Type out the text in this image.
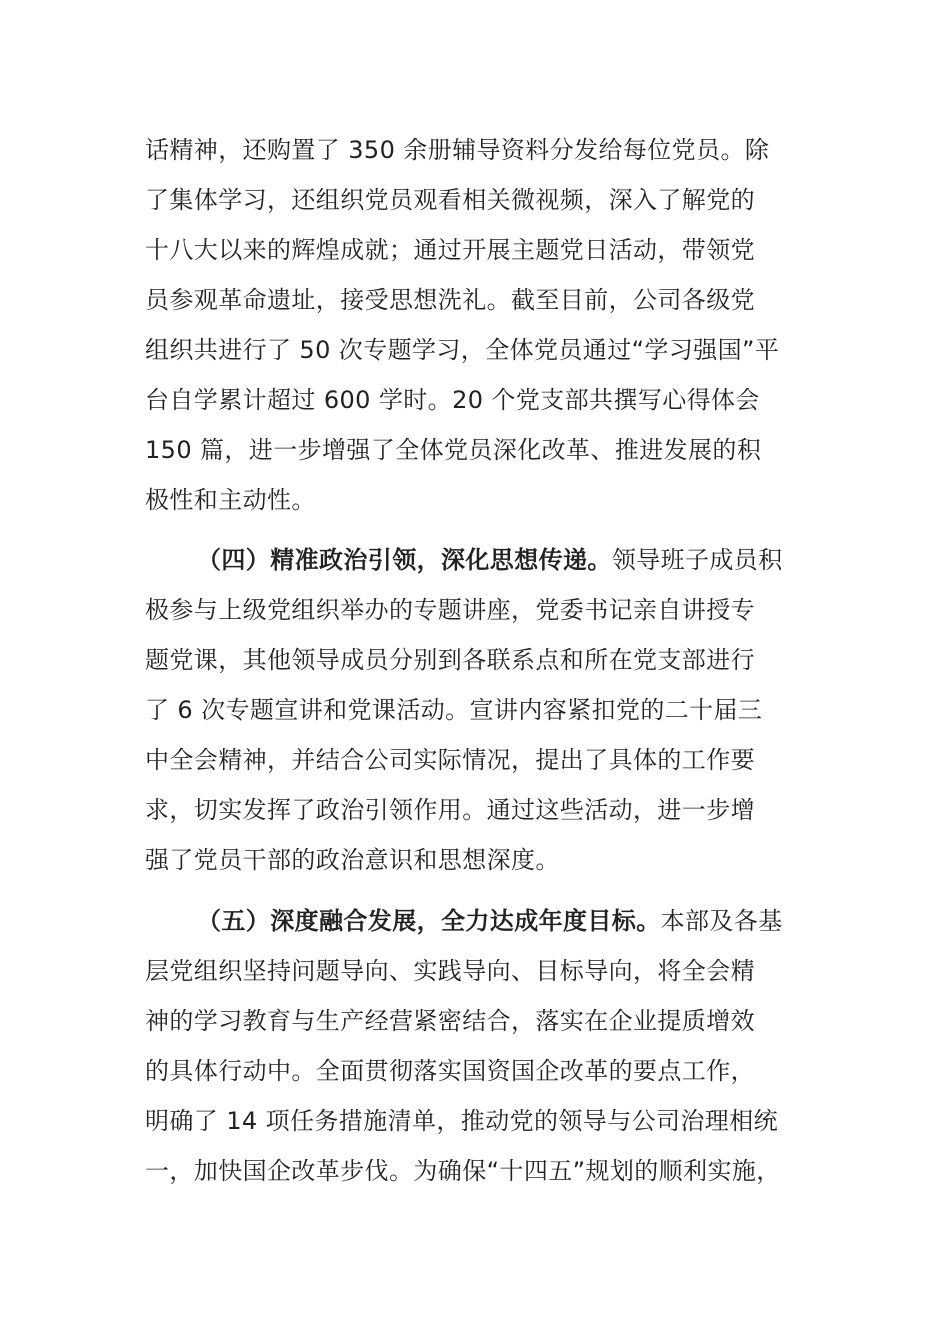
话精神，还购置了 350 余册辅导资料分发给每位党员。除
了集体学习，还组织党员观看相关微视频，深入了解党的
十八大以来的辉煌成就；通过开展主题党日活动，带领党
员参观革命遗址，接受思想洗礼。截至目前，公司各级党
组织共进行了 50 次专题学习，全体党员通过“学习强国”平
台自学累计超过 600 学时。20 个党支部共撰写心得体会
150 篇，进一步增强了全体党员深化改革、推进发展的积
极性和主动性。
（四）精准政治引领，深化思想传递。领导班子成员积
极参与上级党组织举办的专题讲座，党委书记亲自讲授专
题党课，其他领导成员分别到各联系点和所在党支部进行
了 6 次专题宣讲和党课活动。宣讲内容紧扣党的二十届三
中全会精神，并结合公司实际情况，提出了具体的工作要
求，切实发挥了政治引领作用。通过这些活动，进一步增
强了党员干部的政治意识和思想深度。
（五）深度融合发展，全力达成年度目标。本部及各基
层党组织坚持问题导向、实践导向、目标导向，将全会精
神的学习教育与生产经营紧密结合，落实在企业提质增效
的具体行动中。全面贯彻落实国资国企改革的要点工作，
明确了 14 项任务措施清单，推动党的领导与公司治理相统
一，加快国企改革步伐。为确保“十四五”规划的顺利实施，
